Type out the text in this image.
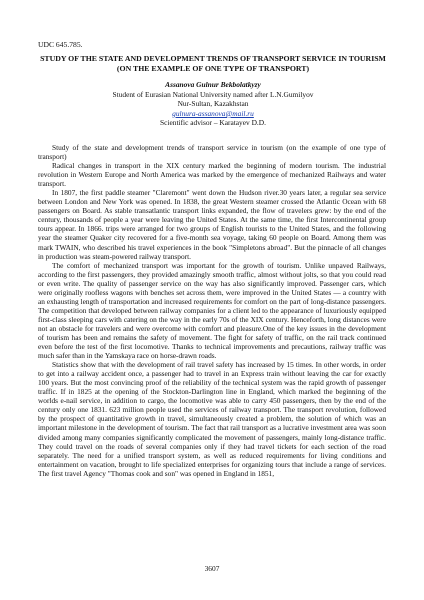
UDC 645.785.
STUDY OF THE STATE AND DEVELOPMENT TRENDS OF TRANSPORT SERVICE IN TOURISM (ON THE EXAMPLE OF ONE TYPE OF TRANSPORT)
Assanova Gulnur Bekbolatkyzy
Student of Eurasian National University named after L.N.Gumilyov
Nur-Sultan, Kazakhstan
gulnura-assanova@mail.ru
Scientific advisor – Karatayev D.D.

Study of the state and development trends of transport service in tourism (on the example of one type of transport)

Radical changes in transport in the XIX century marked the beginning of modern tourism. The industrial revolution in Western Europe and North America was marked by the emergence of mechanized Railways and water transport.

In 1807, the first paddle steamer "Claremont" went down the Hudson river.30 years later, a regular sea service between London and New York was opened. In 1838, the great Western steamer crossed the Atlantic Ocean with 68 passengers on Board. As stable transatlantic transport links expanded, the flow of travelers grew: by the end of the century, thousands of people a year were leaving the United States. At the same time, the first Intercontinental group tours appear. In 1866. trips were arranged for two groups of English tourists to the United States, and the following year the steamer Quaker city recovered for a five-month sea voyage, taking 60 people on Board. Among them was mark TWAIN, who described his travel experiences in the book "Simpletons abroad". But the pinnacle of all changes in production was steam-powered railway transport.

The comfort of mechanized transport was important for the growth of tourism. Unlike unpaved Railways, according to the first passengers, they provided amazingly smooth traffic, almost without jolts, so that you could read or even write. The quality of passenger service on the way has also significantly improved. Passenger cars, which were originally roofless wagons with benches set across them, were improved in the United States — a country with an exhausting length of transportation and increased requirements for comfort on the part of long-distance passengers. The competition that developed between railway companies for a client led to the appearance of luxuriously equipped first-class sleeping cars with catering on the way in the early 70s of the XIX century. Henceforth, long distances were not an obstacle for travelers and were overcome with comfort and pleasure.One of the key issues in the development of tourism has been and remains the safety of movement. The fight for safety of traffic, on the rail track continued even before the test of the first locomotive. Thanks to technical improvements and precautions, railway traffic was much safer than in the Yamskaya race on horse-drawn roads.

Statistics show that with the development of rail travel safety has increased by 15 times. In other words, in order to get into a railway accident once, a passenger had to travel in an Express train without leaving the car for exactly 100 years. But the most convincing proof of the reliability of the technical system was the rapid growth of passenger traffic. If in 1825 at the opening of the Stockton-Darlington line in England, which marked the beginning of the worlds e-nail service, in addition to cargo, the locomotive was able to carry 450 passengers, then by the end of the century only one 1831. 623 million people used the services of railway transport. The transport revolution, followed by the prospect of quantitative growth in travel, simultaneously created a problem, the solution of which was an important milestone in the development of tourism. The fact that rail transport as a lucrative investment area was soon divided among many companies significantly complicated the movement of passengers, mainly long-distance traffic. They could travel on the roads of several companies only if they had travel tickets for each section of the road separately. The need for a unified transport system, as well as reduced requirements for living conditions and entertainment on vacation, brought to life specialized enterprises for organizing tours that include a range of services. The first travel Agency "Thomas cook and son" was opened in England in 1851,

3607
